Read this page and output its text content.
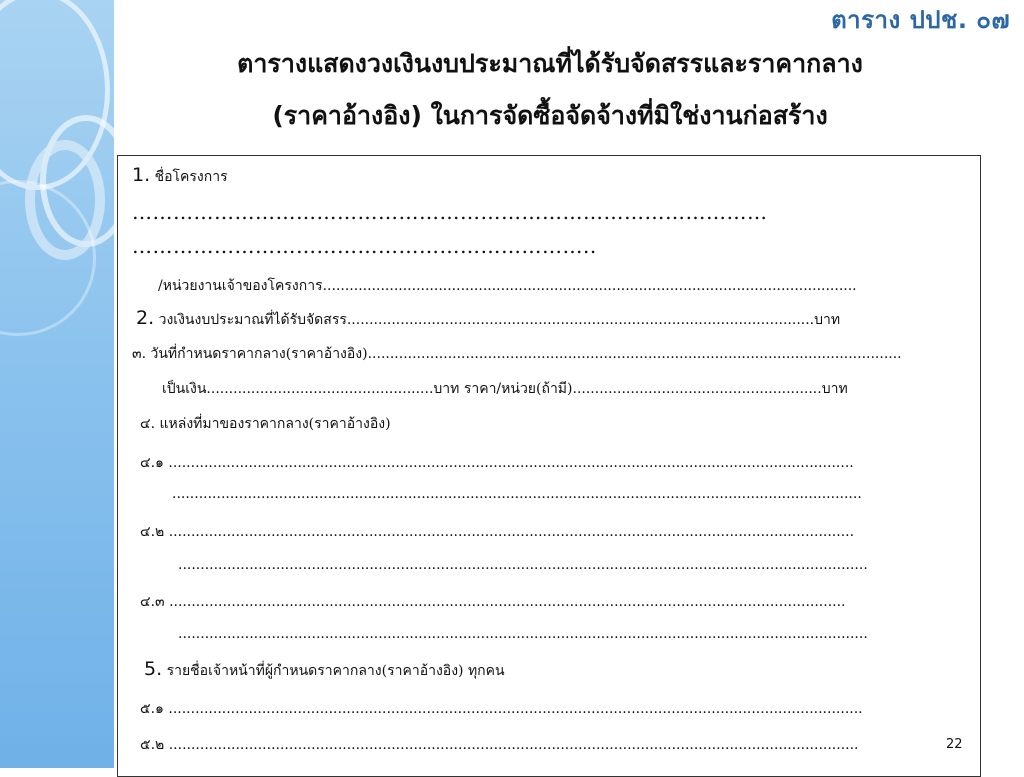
ตาราง ปปช. ๐๗
ตารางแสดงวงเงินงบประมาณที่ได้รับจัดสรรและราคากลาง
(ราคาอ้างอิง) ในการจัดซื้อจัดจ้างที่มิใช่งานก่อสร้าง
1. ชื่อโครงการ
…………………………………………………………………………………
…………………………………………………………..
/หน่วยงานเจ้าของโครงการ........................................................................................................................
2. วงเงินงบประมาณที่ได้รับจัดสรร.........................................................................................................บาท
๓. วันที่กำหนดราคากลาง(ราคาอ้างอิง)........................................................................................................................
เป็นเงิน...................................................บาท ราคา/หน่วย(ถ้ามี)........................................................บาท
๔. แหล่งที่มาของราคากลาง(ราคาอ้างอิง)
๔.๑ ..........................................................................................................................................................
...........................................................................................................................................................
๔.๒ ..........................................................................................................................................................
...........................................................................................................................................................
๔.๓ ........................................................................................................................................................
...........................................................................................................................................................
5. รายชื่อเจ้าหน้าที่ผู้กำหนดราคากลาง(ราคาอ้างอิง) ทุกคน
๕.๑ ............................................................................................................................................................
๕.๒ ...........................................................................................................................................................	22
